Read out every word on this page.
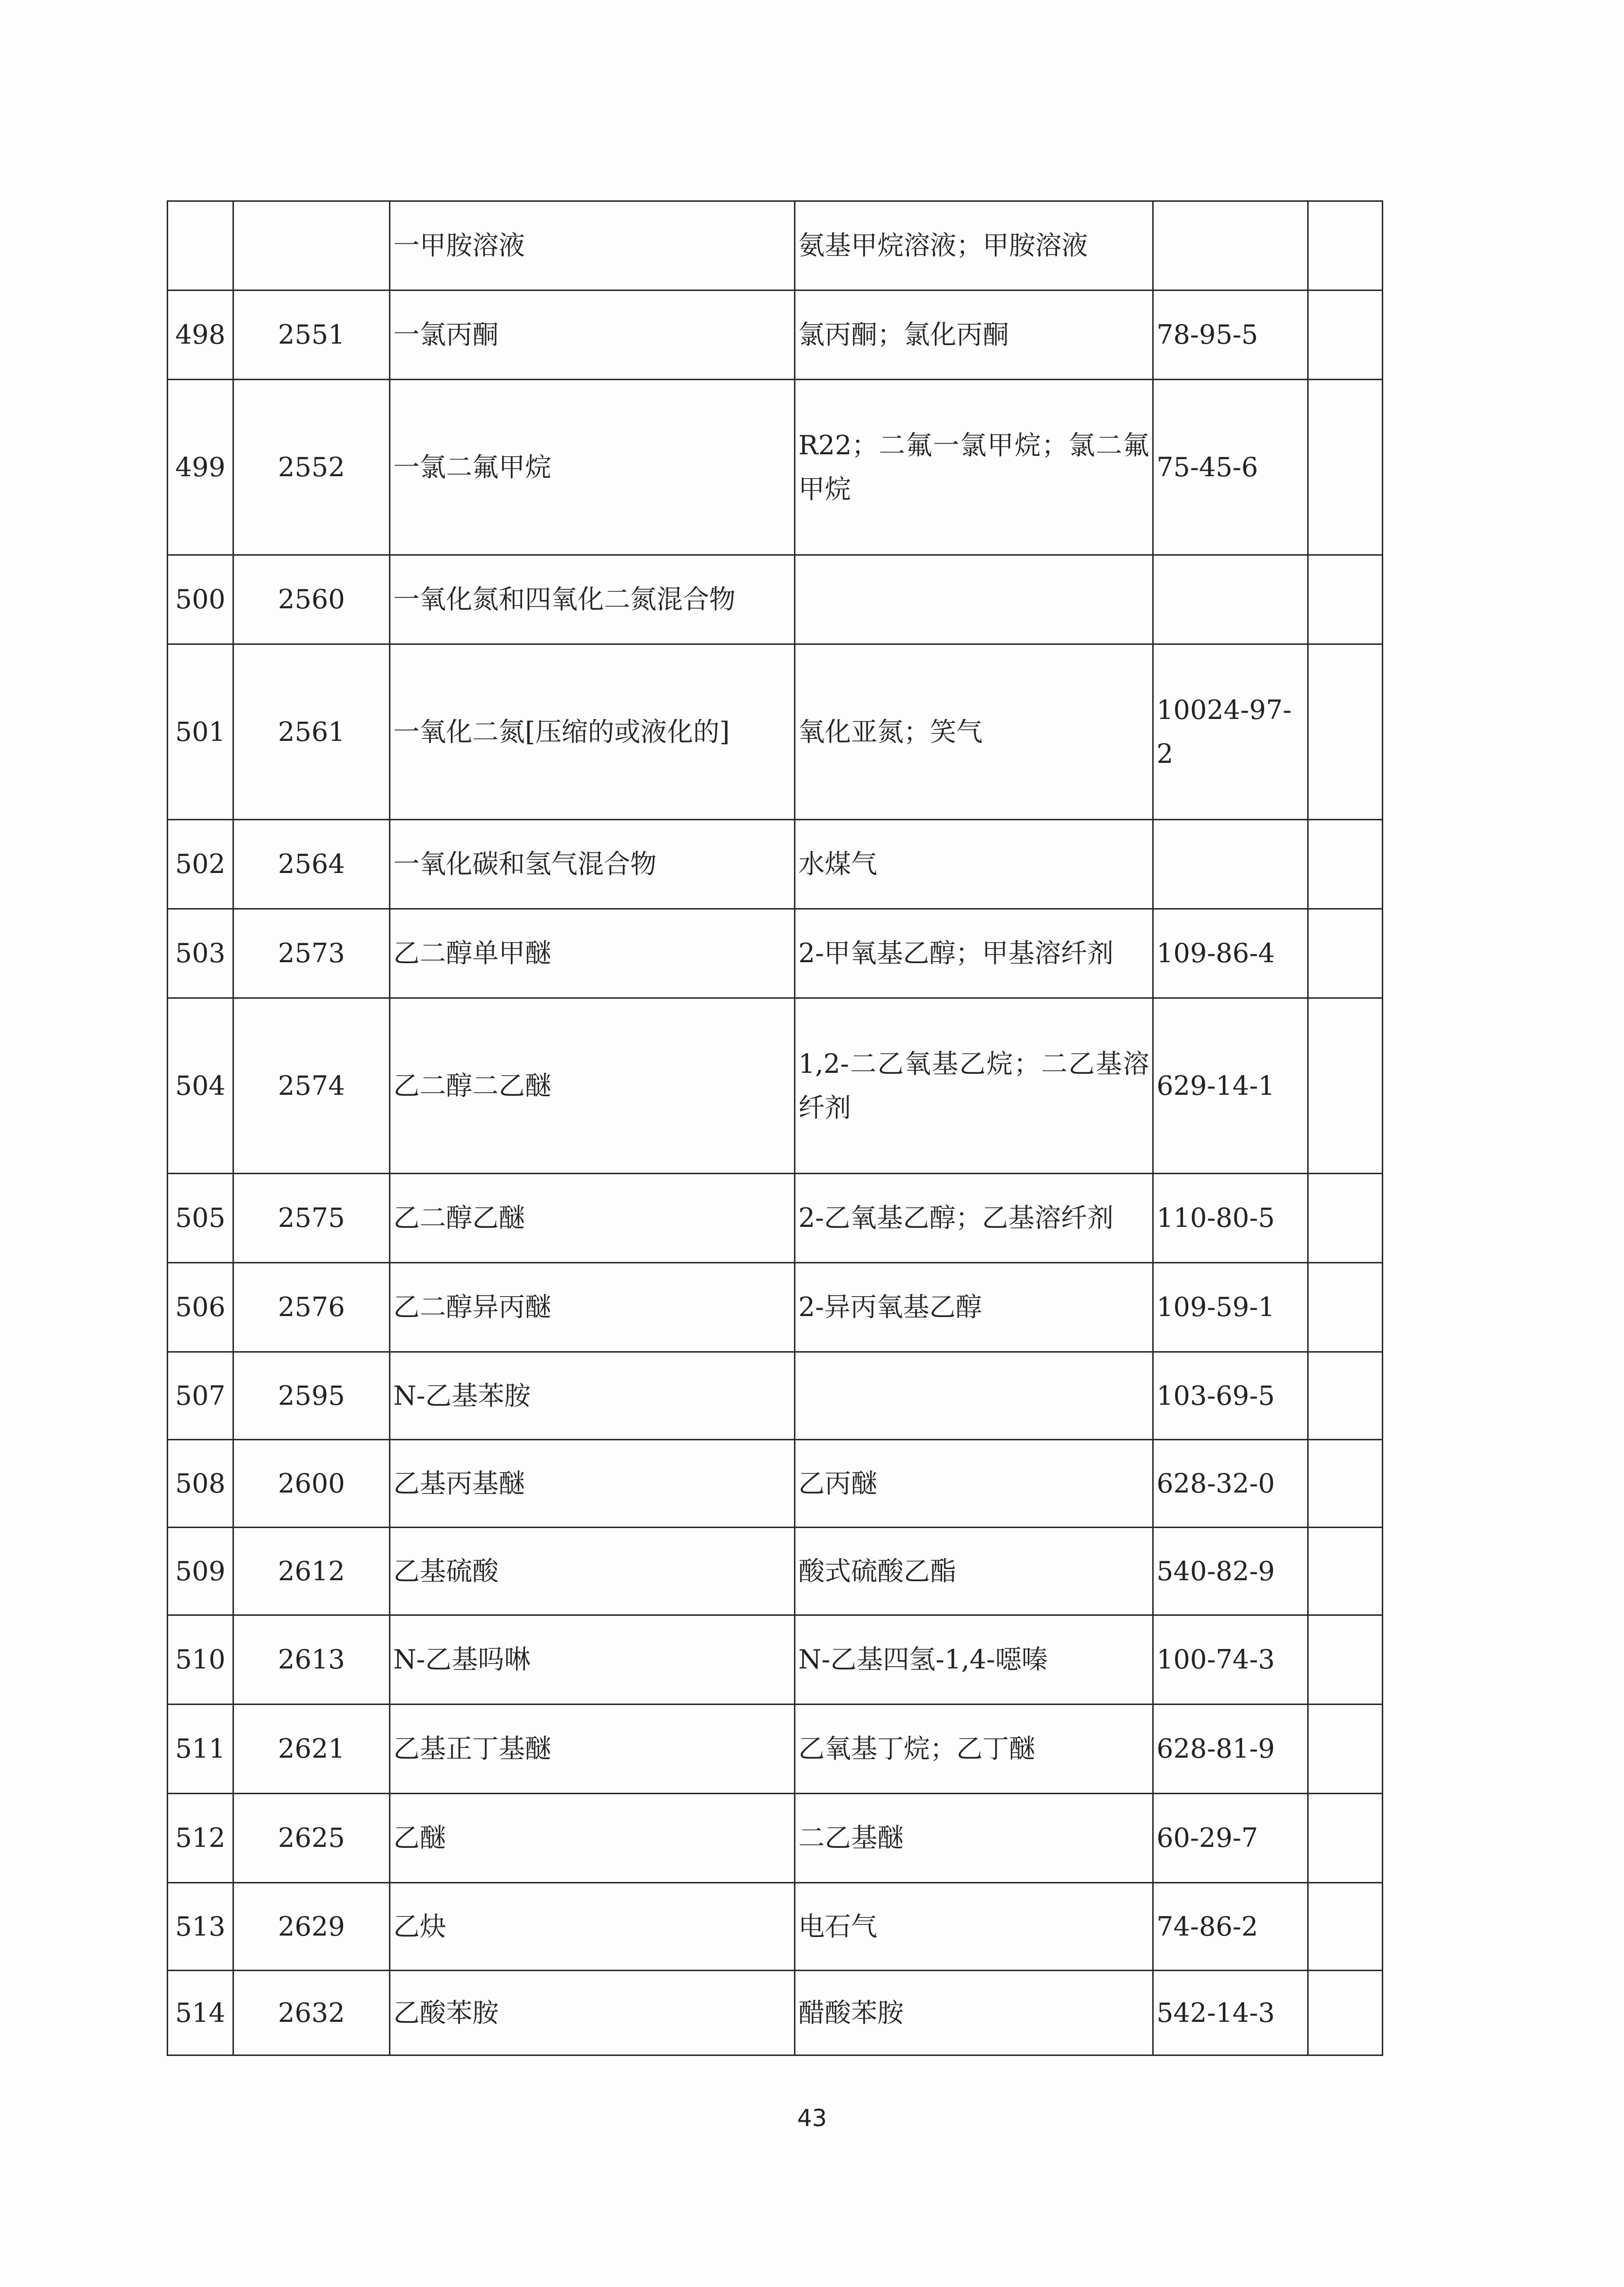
		一甲胺溶液	氨基甲烷溶液；甲胺溶液		
498	2551	一氯丙酮	氯丙酮；氯化丙酮	78-95-5	
499	2552	一氯二氟甲烷	R22；二氟一氯甲烷；氯二氟甲烷	75-45-6	
500	2560	一氧化氮和四氧化二氮混合物			
501	2561	一氧化二氮[压缩的或液化的]	氧化亚氮；笑气	10024-97-2	
502	2564	一氧化碳和氢气混合物	水煤气		
503	2573	乙二醇单甲醚	2-甲氧基乙醇；甲基溶纤剂	109-86-4	
504	2574	乙二醇二乙醚	1,2-二乙氧基乙烷；二乙基溶纤剂	629-14-1	
505	2575	乙二醇乙醚	2-乙氧基乙醇；乙基溶纤剂	110-80-5	
506	2576	乙二醇异丙醚	2-异丙氧基乙醇	109-59-1	
507	2595	N-乙基苯胺		103-69-5	
508	2600	乙基丙基醚	乙丙醚	628-32-0	
509	2612	乙基硫酸	酸式硫酸乙酯	540-82-9	
510	2613	N-乙基吗啉	N-乙基四氢-1,4-噁嗪	100-74-3	
511	2621	乙基正丁基醚	乙氧基丁烷；乙丁醚	628-81-9	
512	2625	乙醚	二乙基醚	60-29-7	
513	2629	乙炔	电石气	74-86-2	
514	2632	乙酸苯胺	醋酸苯胺	542-14-3	
43
